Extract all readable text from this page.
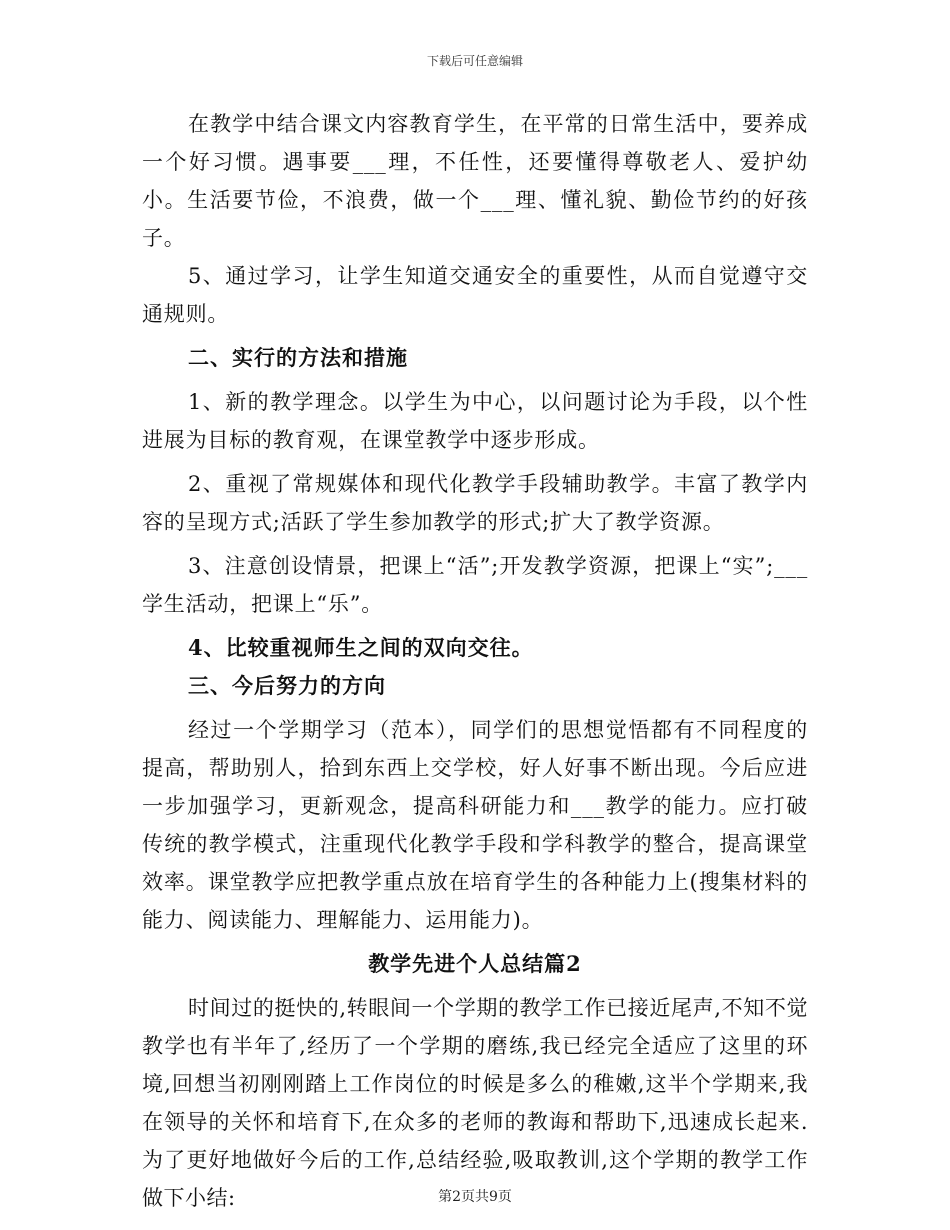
下载后可任意编辑

在教学中结合课文内容教育学生，在平常的日常生活中，要养成一个好习惯。遇事要___理，不任性，还要懂得尊敬老人、爱护幼小。生活要节俭，不浪费，做一个___理、懂礼貌、勤俭节约的好孩子。

5、通过学习，让学生知道交通安全的重要性，从而自觉遵守交通规则。

二、实行的方法和措施

1、新的教学理念。以学生为中心，以问题讨论为手段，以个性进展为目标的教育观，在课堂教学中逐步形成。

2、重视了常规媒体和现代化教学手段辅助教学。丰富了教学内容的呈现方式;活跃了学生参加教学的形式;扩大了教学资源。

3、注意创设情景，把课上“活”;开发教学资源，把课上“实”;___学生活动，把课上“乐”。

4、比较重视师生之间的双向交往。

三、今后努力的方向

经过一个学期学习（范本），同学们的思想觉悟都有不同程度的提高，帮助别人，拾到东西上交学校，好人好事不断出现。今后应进一步加强学习，更新观念，提高科研能力和___教学的能力。应打破传统的教学模式，注重现代化教学手段和学科教学的整合，提高课堂效率。课堂教学应把教学重点放在培育学生的各种能力上(搜集材料的能力、阅读能力、理解能力、运用能力)。

教学先进个人总结篇2

时间过的挺快的,转眼间一个学期的教学工作已接近尾声,不知不觉教学也有半年了,经历了一个学期的磨练,我已经完全适应了这里的环境,回想当初刚刚踏上工作岗位的时候是多么的稚嫩,这半个学期来,我在领导的关怀和培育下,在众多的老师的教诲和帮助下,迅速成长起来.为了更好地做好今后的工作,总结经验,吸取教训,这个学期的教学工作做下小结:	第2页共9页
